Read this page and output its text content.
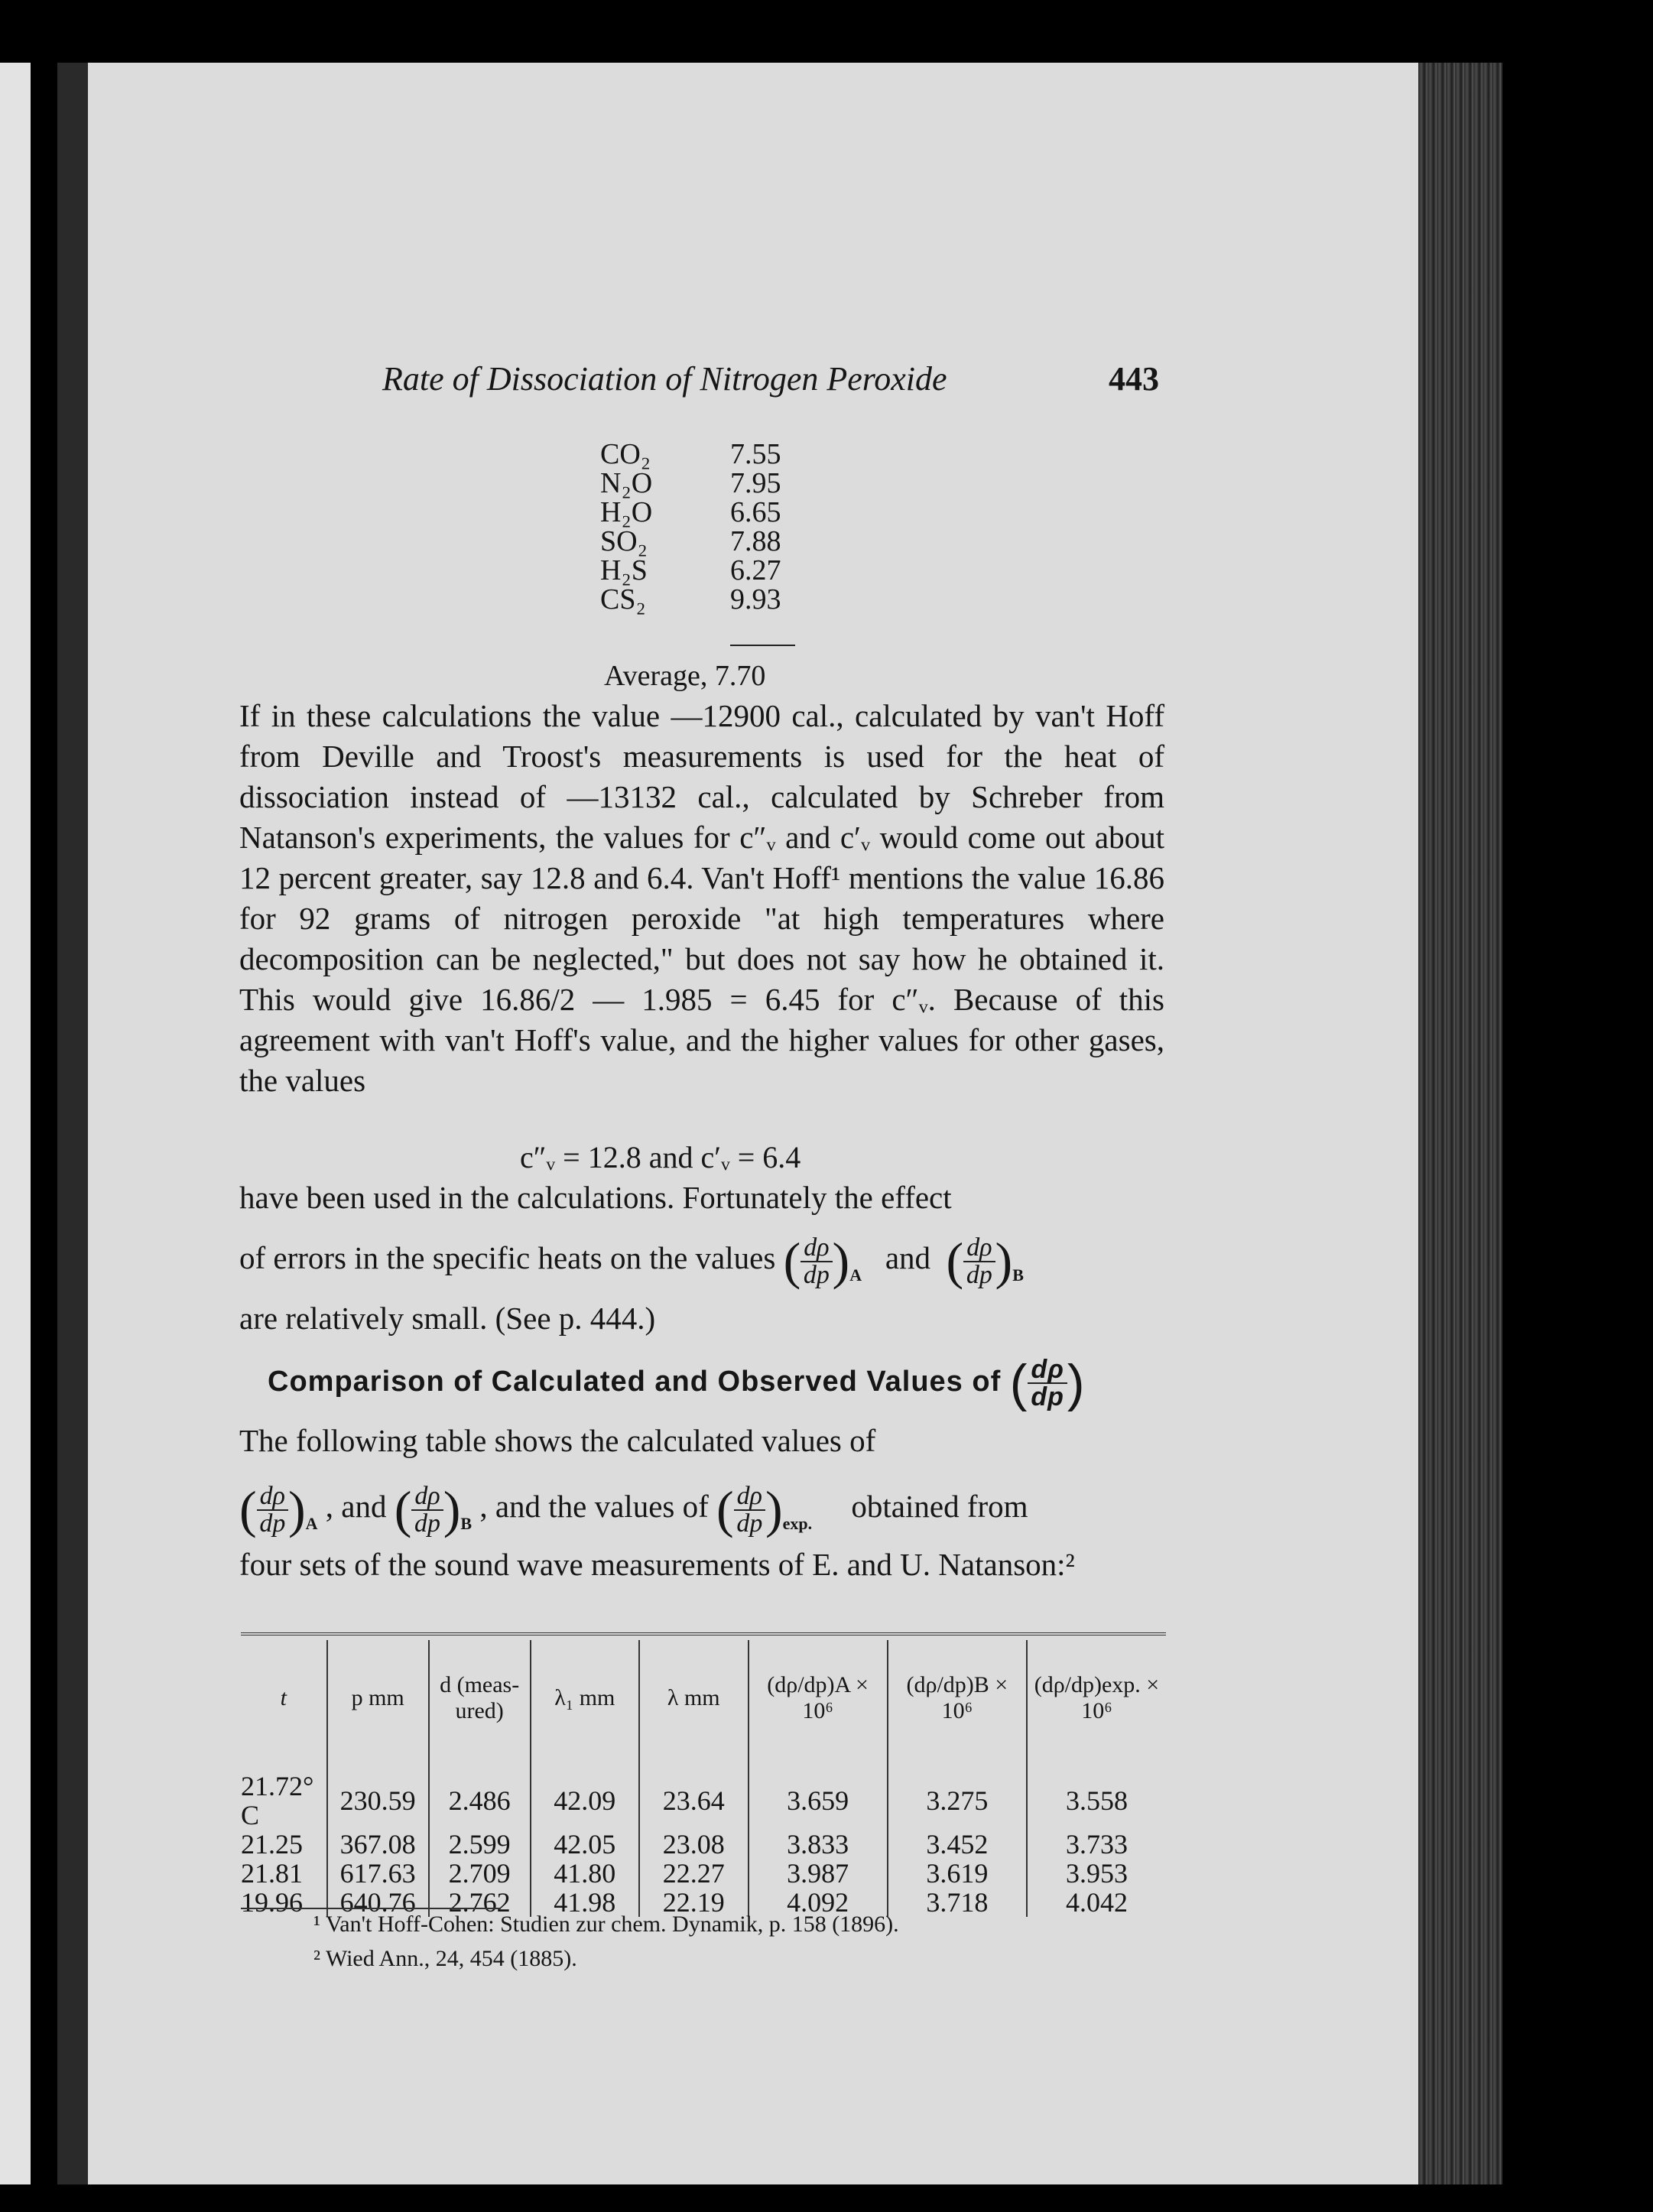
Rate of Dissociation of Nitrogen Peroxide	443

CO₂	7.55
N₂O	7.95
H₂O	6.65
SO₂	7.88
H₂S	6.27
CS₂	9.93

Average, 7.70

If in these calculations the value —12900 cal., calculated by van't Hoff from Deville and Troost's measurements is used for the heat of dissociation instead of —13132 cal., calculated by Schreber from Natanson's experiments, the values for c″ᵥ and c′ᵥ would come out about 12 percent greater, say 12.8 and 6.4. Van't Hoff¹ mentions the value 16.86 for 92 grams of nitrogen peroxide "at high temperatures where decomposition can be neglected," but does not say how he obtained it. This would give 16.86/2 — 1.985 = 6.45 for c″ᵥ. Because of this agreement with van't Hoff's value, and the higher values for other gases, the values

c″ᵥ = 12.8 and c′ᵥ = 6.4

have been used in the calculations. Fortunately the effect

of errors in the specific heats on the values ( $\frac{d\rho}{dp} )_A$ and ( $\frac{d\rho}{dp} )_B$

are relatively small. (See p. 444.)

Comparison of Calculated and Observed Values of ( $\frac{d\rho}{dp}$ )

The following table shows the calculated values of

( $\frac{d\rho}{dp} )_A$ , and ( $\frac{d\rho}{dp} )_B$ , and the values of ( $\frac{d\rho}{dp} )_{exp.}$ obtained from

four sets of the sound wave measurements of E. and U. Natanson:²

t	p mm	d (meas-ured)	λ₁ mm	λ mm	(dρ/dp)A × 10⁶	(dρ/dp)B × 10⁶	(dρ/dp)exp. × 10⁶
21.72° C	230.59	2.486	42.09	23.64	3.659	3.275	3.558
21.25	367.08	2.599	42.05	23.08	3.833	3.452	3.733
21.81	617.63	2.709	41.80	22.27	3.987	3.619	3.953
19.96	640.76	2.762	41.98	22.19	4.092	3.718	4.042

¹ Van't Hoff-Cohen: Studien zur chem. Dynamik, p. 158 (1896).

² Wied Ann., 24, 454 (1885).
